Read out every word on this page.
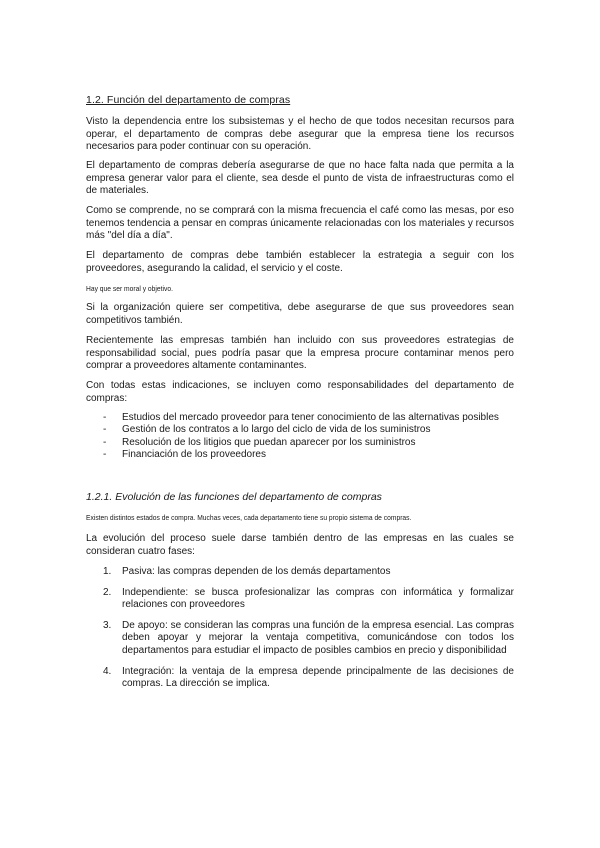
1.2. Función del departamento de compras

Visto la dependencia entre los subsistemas y el hecho de que todos necesitan recursos para operar, el departamento de compras debe asegurar que la empresa tiene los recursos necesarios para poder continuar con su operación.

El departamento de compras debería asegurarse de que no hace falta nada que permita a la empresa generar valor para el cliente, sea desde el punto de vista de infraestructuras como el de materiales.

Como se comprende, no se comprará con la misma frecuencia el café como las mesas, por eso tenemos tendencia a pensar en compras únicamente relacionadas con los materiales y recursos más "del día a día".

El departamento de compras debe también establecer la estrategia a seguir con los proveedores, asegurando la calidad, el servicio y el coste.

Hay que ser moral y objetivo.

Si la organización quiere ser competitiva, debe asegurarse de que sus proveedores sean competitivos también.

Recientemente las empresas también han incluido con sus proveedores estrategias de responsabilidad social, pues podría pasar que la empresa procure contaminar menos pero comprar a proveedores altamente contaminantes.

Con todas estas indicaciones, se incluyen como responsabilidades del departamento de compras:

- Estudios del mercado proveedor para tener conocimiento de las alternativas posibles
- Gestión de los contratos a lo largo del ciclo de vida de los suministros
- Resolución de los litigios que puedan aparecer por los suministros
- Financiación de los proveedores
1.2.1. Evolución de las funciones del departamento de compras

Existen distintos estados de compra. Muchas veces, cada departamento tiene su propio sistema de compras.

La evolución del proceso suele darse también dentro de las empresas en las cuales se consideran cuatro fases:

1. Pasiva: las compras dependen de los demás departamentos
2. Independiente: se busca profesionalizar las compras con informática y formalizar relaciones con proveedores
3. De apoyo: se consideran las compras una función de la empresa esencial. Las compras deben apoyar y mejorar la ventaja competitiva, comunicándose con todos los departamentos para estudiar el impacto de posibles cambios en precio y disponibilidad
4. Integración: la ventaja de la empresa depende principalmente de las decisiones de compras. La dirección se implica.
